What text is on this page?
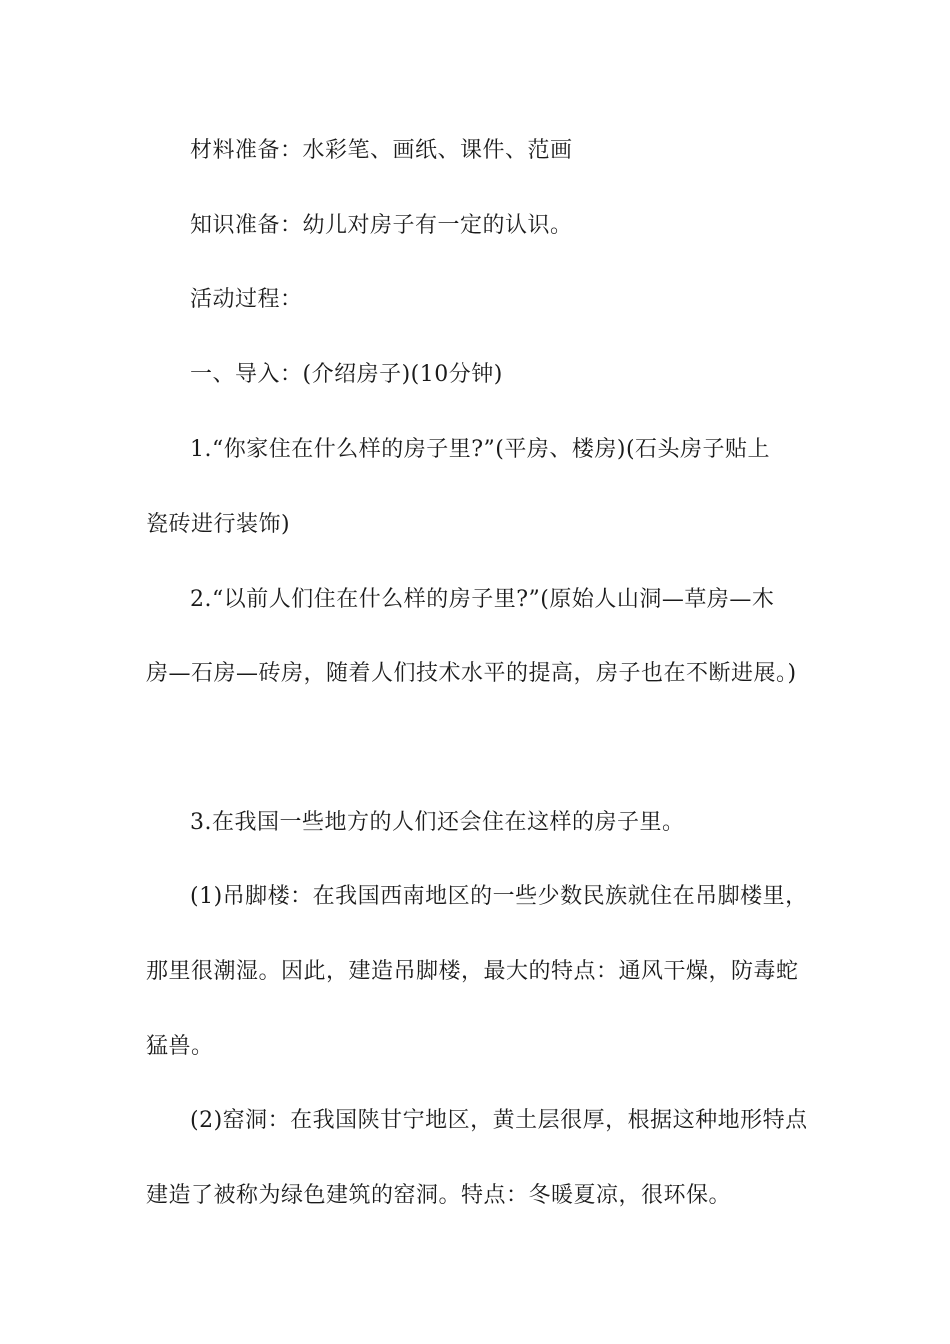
材料准备：水彩笔、画纸、课件、范画
知识准备：幼儿对房子有一定的认识。
活动过程：
一、导入：(介绍房子)(10分钟)
1.“你家住在什么样的房子里?”(平房、楼房)(石头房子贴上
瓷砖进行装饰)
2.“以前人们住在什么样的房子里?”(原始人山洞—草房—木
房—石房—砖房，随着人们技术水平的提高，房子也在不断进展。)
3.在我国一些地方的人们还会住在这样的房子里。
(1)吊脚楼：在我国西南地区的一些少数民族就住在吊脚楼里，
那里很潮湿。因此，建造吊脚楼，最大的特点：通风干燥，防毒蛇
猛兽。
(2)窑洞：在我国陕甘宁地区，黄土层很厚，根据这种地形特点
建造了被称为绿色建筑的窑洞。特点：冬暖夏凉，很环保。
